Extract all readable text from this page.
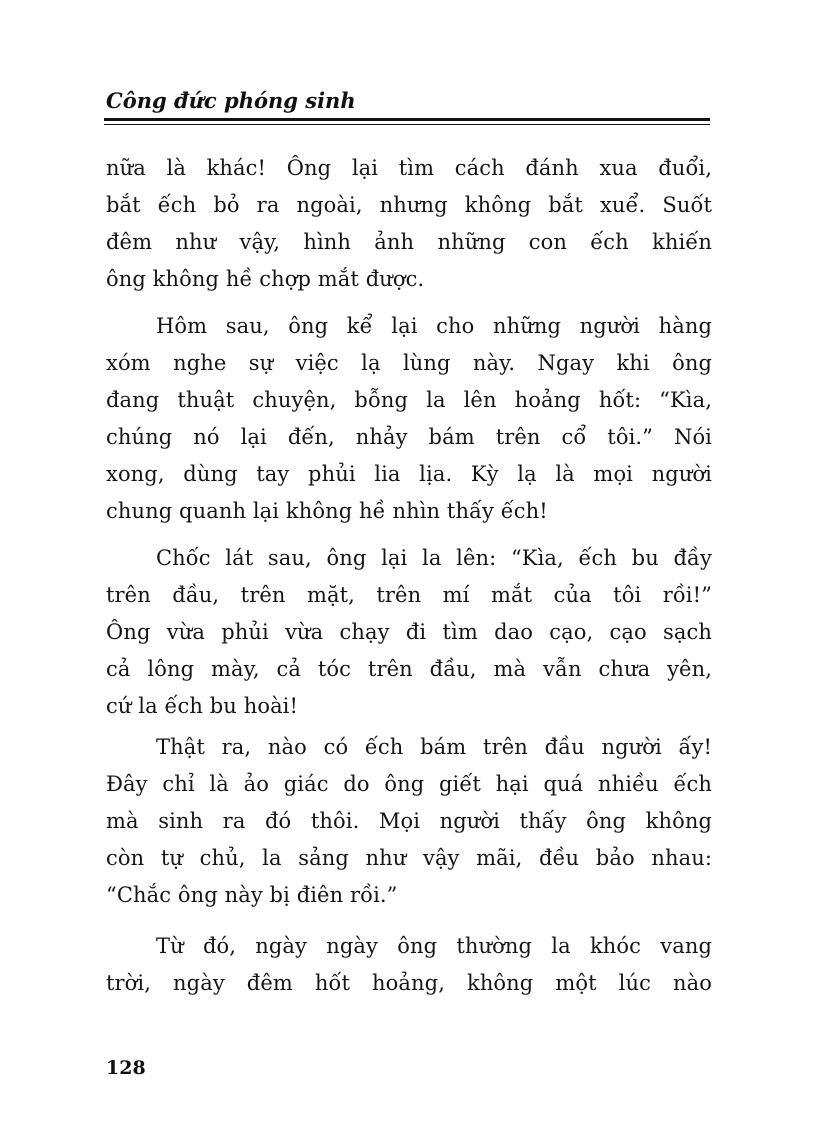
Công đức phóng sinh

nữa là khác! Ông lại tìm cách đánh xua đuổi,

bắt ếch bỏ ra ngoài, nhưng không bắt xuể. Suốt

đêm như vậy, hình ảnh những con ếch khiến

ông không hề chợp mắt được.

Hôm sau, ông kể lại cho những người hàng

xóm nghe sự việc lạ lùng này. Ngay khi ông

đang thuật chuyện, bỗng la lên hoảng hốt: “Kìa,

chúng nó lại đến, nhảy bám trên cổ tôi.” Nói

xong, dùng tay phủi lia lịa. Kỳ lạ là mọi người

chung quanh lại không hề nhìn thấy ếch!

Chốc lát sau, ông lại la lên: “Kìa, ếch bu đầy

trên đầu, trên mặt, trên mí mắt của tôi rồi!”

Ông vừa phủi vừa chạy đi tìm dao cạo, cạo sạch

cả lông mày, cả tóc trên đầu, mà vẫn chưa yên,

cứ la ếch bu hoài!

Thật ra, nào có ếch bám trên đầu người ấy!

Đây chỉ là ảo giác do ông giết hại quá nhiều ếch

mà sinh ra đó thôi. Mọi người thấy ông không

còn tự chủ, la sảng như vậy mãi, đều bảo nhau:

“Chắc ông này bị điên rồi.”

Từ đó, ngày ngày ông thường la khóc vang

trời, ngày đêm hốt hoảng, không một lúc nào

128
